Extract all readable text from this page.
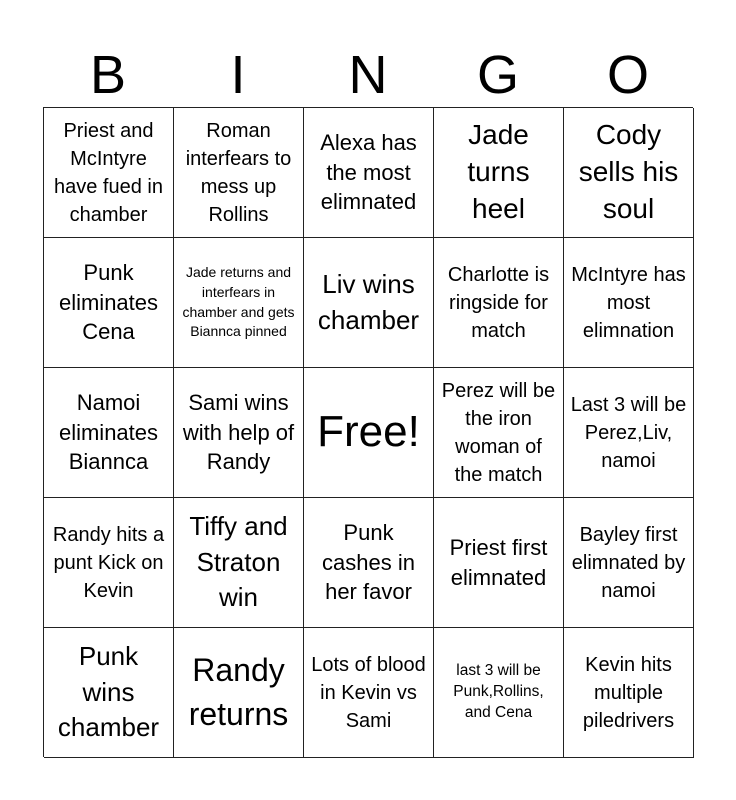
B	I	N	G	O
Priest and McIntyre have fued in chamber
Roman interfears to mess up Rollins
Alexa has the most elimnated
Jade turns heel
Cody sells his soul
Punk eliminates Cena
Jade returns and interfears in chamber and gets Biannca pinned
Liv wins chamber
Charlotte is ringside for match
McIntyre has most elimnation
Namoi eliminates Biannca
Sami wins with help of Randy
Free!
Perez will be the iron woman of the match
Last 3 will be Perez,Liv, namoi
Randy hits a punt Kick on Kevin
Tiffy and Straton win
Punk cashes in her favor
Priest first elimnated
Bayley first elimnated by namoi
Punk wins chamber
Randy returns
Lots of blood in Kevin vs Sami
last 3 will be Punk,Rollins, and Cena
Kevin hits multiple piledrivers
